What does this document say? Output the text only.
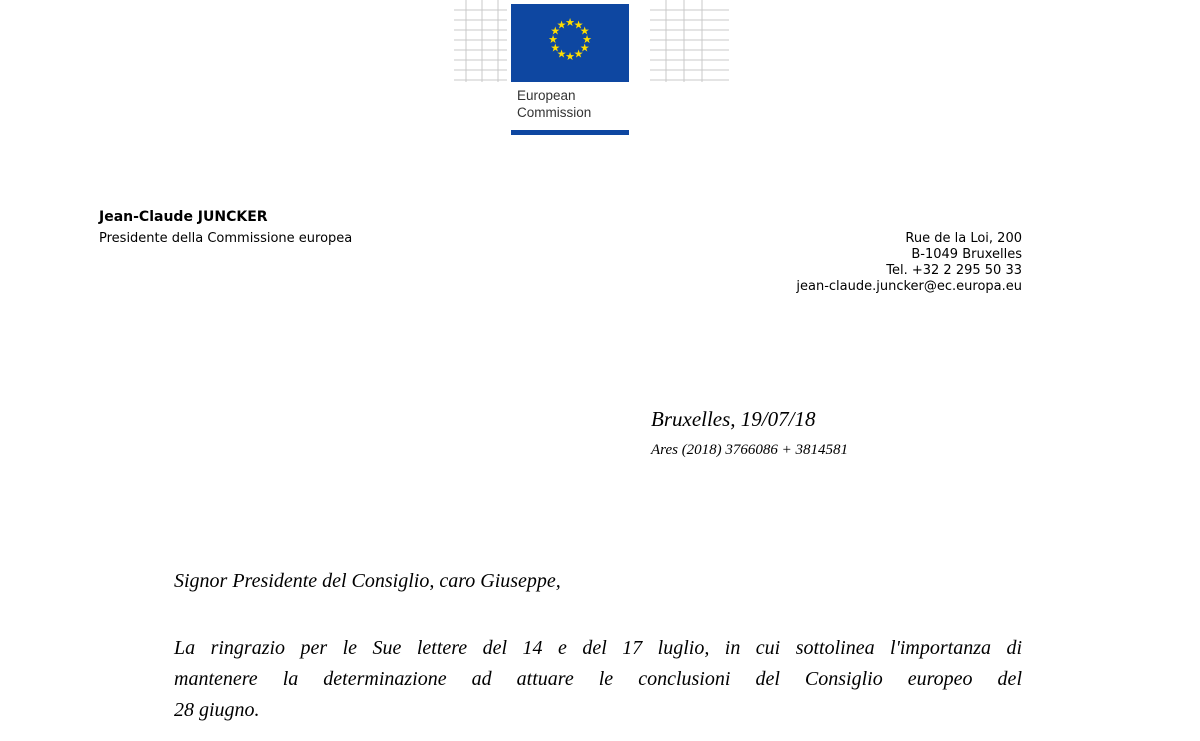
★
★
★
★
★
★
★
★
★
★
★
★
European
Commission
Jean-Claude JUNCKER
Presidente della Commissione europea	Rue de la Loi, 200
B-1049 Bruxelles
Tel. +32 2 295 50 33
jean-claude.juncker@ec.europa.eu
Bruxelles, 19/07/18
Ares (2018) 3766086 + 3814581
Signor Presidente del Consiglio, caro Giuseppe,
La ringrazio per le Sue lettere del 14 e del 17 luglio, in cui sottolinea l'importanza di
mantenere la determinazione ad attuare le conclusioni del Consiglio europeo del
28 giugno.
